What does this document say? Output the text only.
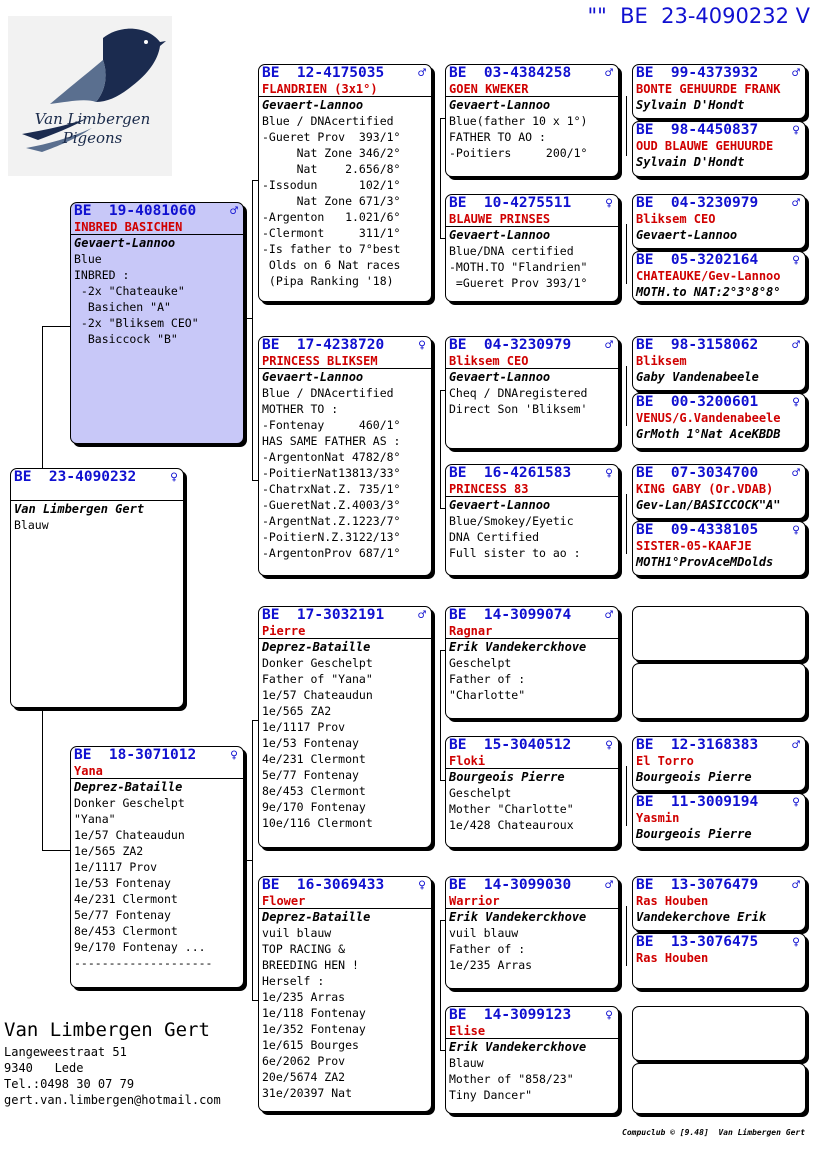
""  BE  23-4090232 V
Van Limbergen
Pigeons
BE  23-4090232	♀
Van Limbergen Gert
Blauw
BE  19-4081060	♂
INBRED BASICHEN
Gevaert-Lannoo
Blue
INBRED :
-2x "Chateauke"
Basichen "A"
-2x "Bliksem CEO"
Basiccock "B"
BE  18-3071012	♀
Yana
Deprez-Bataille
Donker Geschelpt
"Yana"
1e/57 Chateaudun
1e/565 ZA2
1e/1117 Prov
1e/53 Fontenay
4e/231 Clermont
5e/77 Fontenay
8e/453 Clermont
9e/170 Fontenay ...
--------------------
BE  12-4175035	♂
FLANDRIEN (3x1°)
Gevaert-Lannoo
Blue / DNAcertified
-Gueret Prov  393/1°
Nat Zone 346/2°
Nat    2.656/8°
-Issodun      102/1°
Nat Zone 671/3°
-Argenton   1.021/6°
-Clermont     311/1°
-Is father to 7°best
Olds on 6 Nat races
(Pipa Ranking '18)
BE  17-4238720	♀
PRINCESS BLIKSEM
Gevaert-Lannoo
Blue / DNAcertified
MOTHER TO :
-Fontenay     460/1°
HAS SAME FATHER AS :
-ArgentonNat 4782/8°
-PoitierNat13813/33°
-ChatrxNat.Z. 735/1°
-GueretNat.Z.4003/3°
-ArgentNat.Z.1223/7°
-PoitierN.Z.3122/13°
-ArgentonProv 687/1°
BE  17-3032191	♂
Pierre
Deprez-Bataille
Donker Geschelpt
Father of "Yana"
1e/57 Chateaudun
1e/565 ZA2
1e/1117 Prov
1e/53 Fontenay
4e/231 Clermont
5e/77 Fontenay
8e/453 Clermont
9e/170 Fontenay
10e/116 Clermont
BE  16-3069433	♀
Flower
Deprez-Bataille
vuil blauw
TOP RACING &
BREEDING HEN !
Herself :
1e/235 Arras
1e/118 Fontenay
1e/352 Fontenay
1e/615 Bourges
6e/2062 Prov
20e/5674 ZA2
31e/20397 Nat
BE  03-4384258	♂
GOEN KWEKER
Gevaert-Lannoo
Blue(father 10 x 1°)
FATHER TO AO :
-Poitiers     200/1°
BE  10-4275511	♀
BLAUWE PRINSES
Gevaert-Lannoo
Blue/DNA certified
-MOTH.TO "Flandrien"
=Gueret Prov 393/1°
BE  04-3230979	♂
Bliksem CEO
Gevaert-Lannoo
Cheq / DNAregistered
Direct Son 'Bliksem'
BE  16-4261583	♀
PRINCESS 83
Gevaert-Lannoo
Blue/Smokey/Eyetic
DNA Certified
Full sister to ao :
BE  14-3099074	♂
Ragnar
Erik Vandekerckhove
Geschelpt
Father of :
"Charlotte"
BE  15-3040512	♀
Floki
Bourgeois Pierre
Geschelpt
Mother "Charlotte"
1e/428 Chateauroux
BE  14-3099030	♂
Warrior
Erik Vandekerckhove
vuil blauw
Father of :
1e/235 Arras
BE  14-3099123	♀
Elise
Erik Vandekerckhove
Blauw
Mother of "858/23"
Tiny Dancer"
BE  99-4373932	♂
BONTE GEHUURDE FRANK
Sylvain D'Hondt
BE  98-4450837	♀
OUD BLAUWE GEHUURDE
Sylvain D'Hondt
BE  04-3230979	♂
Bliksem CEO
Gevaert-Lannoo
BE  05-3202164	♀
CHATEAUKE/Gev-Lannoo
MOTH.to NAT:2°3°8°8°
BE  98-3158062	♂
Bliksem
Gaby Vandenabeele
BE  00-3200601	♀
VENUS/G.Vandenabeele
GrMoth 1°Nat AceKBDB
BE  07-3034700	♂
KING GABY (Or.VDAB)
Gev-Lan/BASICCOCK"A"
BE  09-4338105	♀
SISTER-05-KAAFJE
MOTH1°ProvAceMDolds
BE  12-3168383	♂
El Torro
Bourgeois Pierre
BE  11-3009194	♀
Yasmin
Bourgeois Pierre
BE  13-3076479	♂
Ras Houben
Vandekerchove Erik
BE  13-3076475	♀
Ras Houben
Van Limbergen Gert
Langeweestraat 51
9340   Lede
Tel.:0498 30 07 79
gert.van.limbergen@hotmail.com
Compuclub © [9.48]  Van Limbergen Gert
